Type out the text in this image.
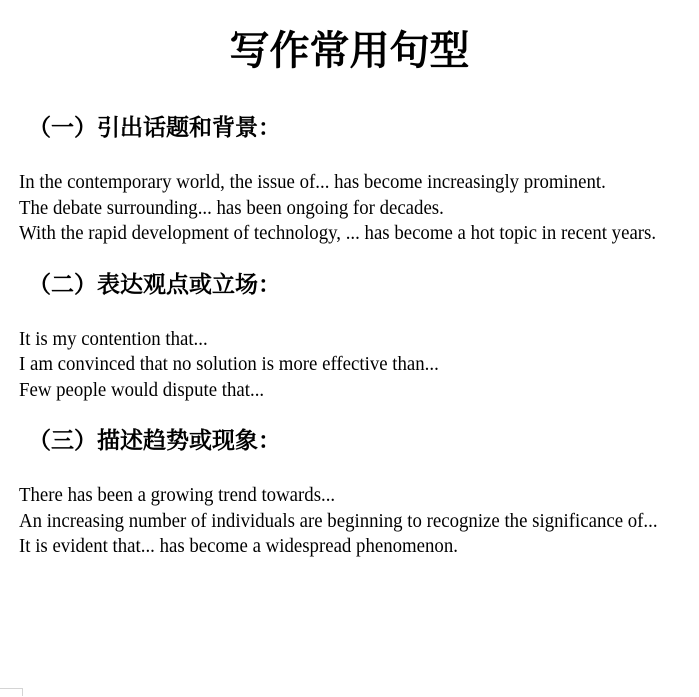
写作常用句型
（一）引出话题和背景：
In the contemporary world, the issue of... has become increasingly prominent.
The debate surrounding... has been ongoing for decades.
With the rapid development of technology, ... has become a hot topic in recent years.
（二）表达观点或立场：
It is my contention that...
I am convinced that no solution is more effective than...
Few people would dispute that...
（三）描述趋势或现象：
There has been a growing trend towards...
An increasing number of individuals are beginning to recognize the significance of...
It is evident that... has become a widespread phenomenon.
